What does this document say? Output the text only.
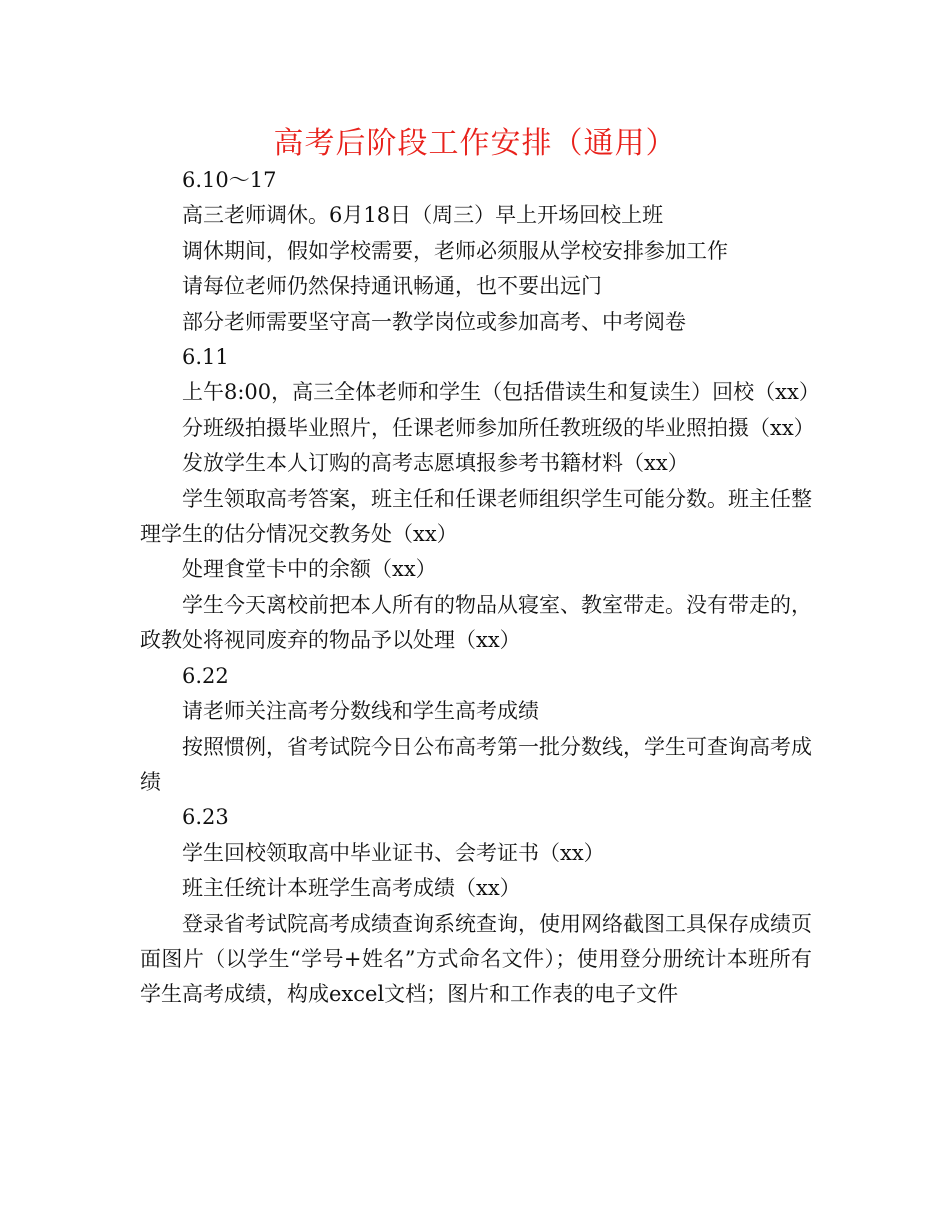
高考后阶段工作安排（通用）

6.10～17

高三老师调休。6月18日（周三）早上开场回校上班

调休期间，假如学校需要，老师必须服从学校安排参加工作

请每位老师仍然保持通讯畅通，也不要出远门

部分老师需要坚守高一教学岗位或参加高考、中考阅卷

6.11

上午8:00，高三全体老师和学生（包括借读生和复读生）回校（xx）

分班级拍摄毕业照片，任课老师参加所任教班级的毕业照拍摄（xx）

发放学生本人订购的高考志愿填报参考书籍材料（xx）

学生领取高考答案，班主任和任课老师组织学生可能分数。班主任整理学生的估分情况交教务处（xx）

处理食堂卡中的余额（xx）

学生今天离校前把本人所有的物品从寝室、教室带走。没有带走的，政教处将视同废弃的物品予以处理（xx）

6.22

请老师关注高考分数线和学生高考成绩

按照惯例，省考试院今日公布高考第一批分数线，学生可查询高考成绩

6.23

学生回校领取高中毕业证书、会考证书（xx）

班主任统计本班学生高考成绩（xx）

登录省考试院高考成绩查询系统查询，使用网络截图工具保存成绩页面图片（以学生“学号+姓名”方式命名文件）；使用登分册统计本班所有学生高考成绩，构成excel文档；图片和工作表的电子文件
